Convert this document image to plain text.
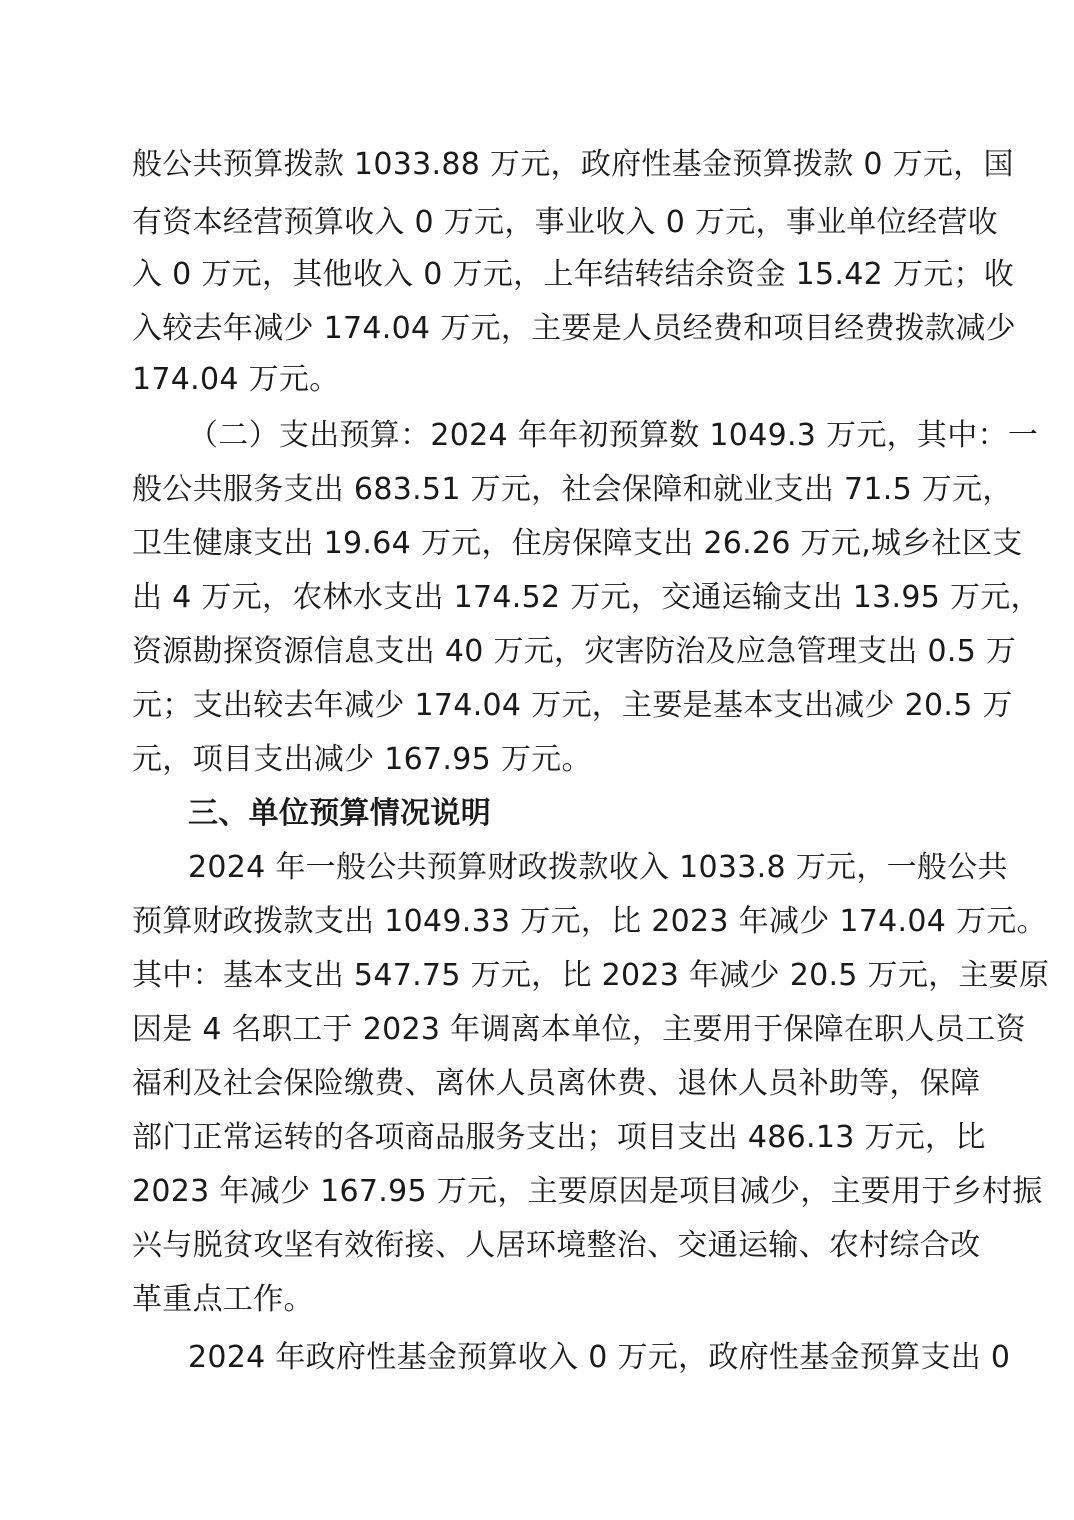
般公共预算拨款 1033.88 万元，政府性基金预算拨款 0 万元，国
有资本经营预算收入 0 万元，事业收入 0 万元，事业单位经营收
入 0 万元，其他收入 0 万元，上年结转结余资金 15.42 万元；收
入较去年减少 174.04 万元，主要是人员经费和项目经费拨款减少
174.04 万元。
（二）支出预算：2024 年年初预算数 1049.3 万元，其中：一
般公共服务支出 683.51 万元，社会保障和就业支出 71.5 万元，
卫生健康支出 19.64 万元，住房保障支出 26.26 万元,城乡社区支
出 4 万元，农林水支出 174.52 万元，交通运输支出 13.95 万元，
资源勘探资源信息支出 40 万元，灾害防治及应急管理支出 0.5 万
元；支出较去年减少 174.04 万元，主要是基本支出减少 20.5 万
元，项目支出减少 167.95 万元。
三、单位预算情况说明
2024 年一般公共预算财政拨款收入 1033.8 万元，一般公共
预算财政拨款支出 1049.33 万元，比 2023 年减少 174.04 万元。
其中：基本支出 547.75 万元，比 2023 年减少 20.5 万元，主要原
因是 4 名职工于 2023 年调离本单位，主要用于保障在职人员工资
福利及社会保险缴费、离休人员离休费、退休人员补助等，保障
部门正常运转的各项商品服务支出；项目支出 486.13 万元，比
2023 年减少 167.95 万元，主要原因是项目减少，主要用于乡村振
兴与脱贫攻坚有效衔接、人居环境整治、交通运输、农村综合改
革重点工作。
2024 年政府性基金预算收入 0 万元，政府性基金预算支出 0
